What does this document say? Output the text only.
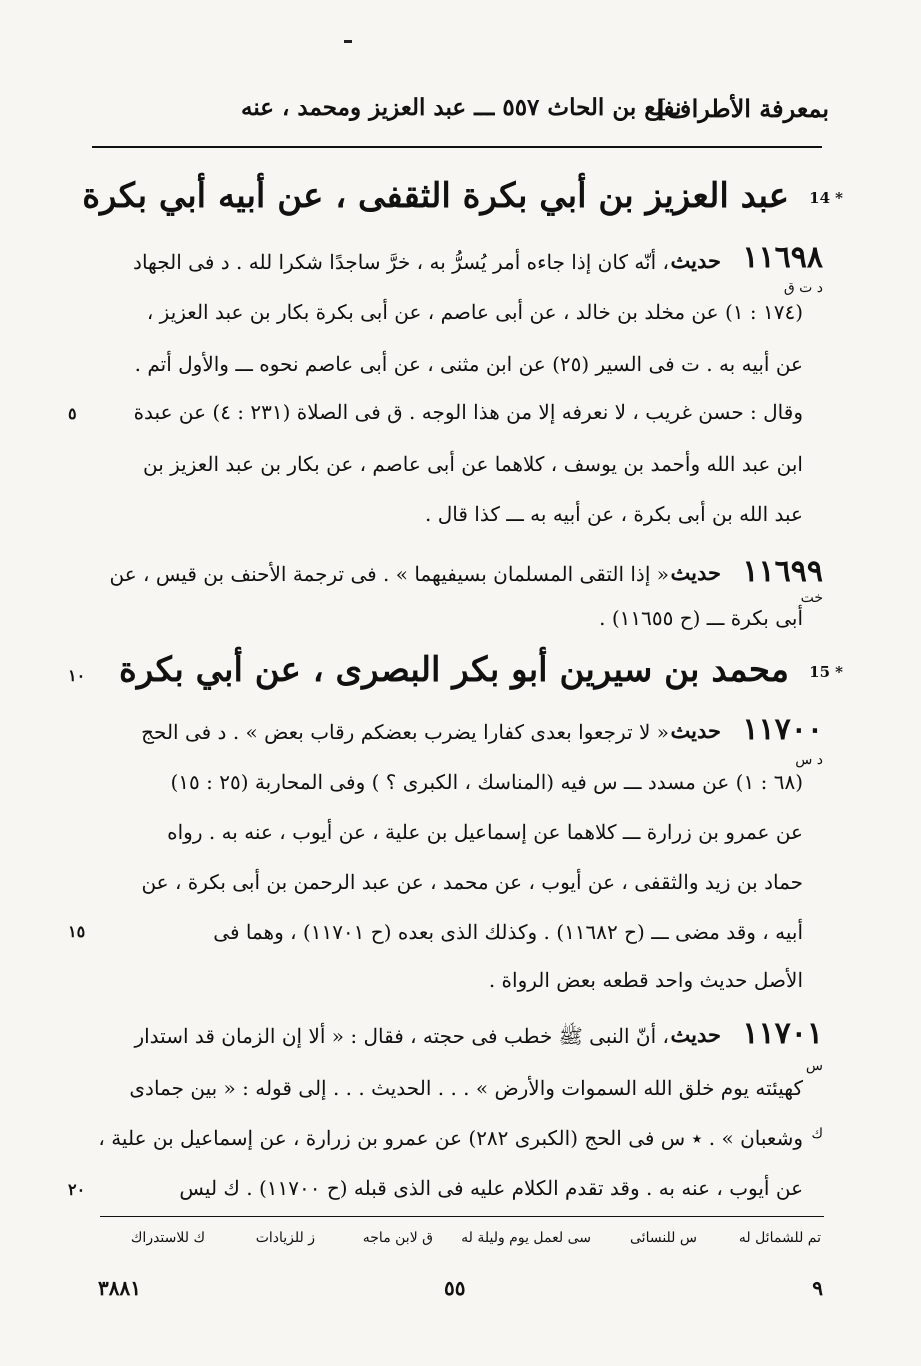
نفيع بن الحاث ٥٥٧ ـــ عبد العزيز ومحمد ، عنه
بمعرفة الأطراف]
14 *
عبد العزيز بن أبي بكرة الثقفى ، عن أبيه أبي بكرة
١١٦٩٨
د ت ق
حديث
، أنّه كان إذا جاءه أمر يُسرُّ به ، خرَّ ساجدًا شكرا لله . د فى الجهاد
(١٧٤ : ١) عن مخلد بن خالد ، عن أبى عاصم ، عن أبى بكرة بكار بن عبد العزيز ،
عن أبيه به . ت فى السير (٢٥) عن ابن مثنى ، عن أبى عاصم نحوه ـــ والأول أتم .
وقال : حسن غريب ، لا نعرفه إلا من هذا الوجه . ق فى الصلاة (٢٣١ : ٤) عن عبدة
ابن عبد الله وأحمد بن يوسف ، كلاهما عن أبى عاصم ، عن بكار بن عبد العزيز بن
عبد الله بن أبى بكرة ، عن أبيه به ـــ كذا قال .
١١٦٩٩
خت
حديث
« إذا التقى المسلمان بسيفيهما » . فى ترجمة الأحنف بن قيس ، عن
أبى بكرة ـــ (ح ١١٦٥٥) .
15 *
محمد بن سيرين أبو بكر البصرى ، عن أبي بكرة
١١٧٠٠
د س
حديث
« لا ترجعوا بعدى كفارا يضرب بعضكم رقاب بعض » . د فى الحج
(٦٨ : ١) عن مسدد ـــ س فيه (المناسك ، الكبرى ؟ ) وفى المحاربة (٢٥ : ١٥)
عن عمرو بن زرارة ـــ كلاهما عن إسماعيل بن علية ، عن أيوب ، عنه به . رواه
حماد بن زيد والثقفى ، عن أيوب ، عن محمد ، عن عبد الرحمن بن أبى بكرة ، عن
أبيه ، وقد مضى ـــ (ح ١١٦٨٢) . وكذلك الذى بعده (ح ١١٧٠١) ، وهما فى
الأصل حديث واحد قطعه بعض الرواة .
١١٧٠١
س
ك
حديث
، أنّ النبى ﷺ خطب فى حجته ، فقال : « ألا إن الزمان قد استدار
كهيئته يوم خلق الله السموات والأرض » . . . الحديث . . . إلى قوله : « بين جمادى
وشعبان » . ٭ س فى الحج (الكبرى ٢٨٢) عن عمرو بن زرارة ، عن إسماعيل بن علية ،
عن أيوب ، عنه به . وقد تقدم الكلام عليه فى الذى قبله (ح ١١٧٠٠) . ك ليس
٥
١٠
١٥
٢٠
تم للشمائل له
س للنسائى
سى لعمل يوم وليلة له
ق لابن ماجه
ز للزيادات
ك للاستدراك
٣٨٨١	٥٥	٩
